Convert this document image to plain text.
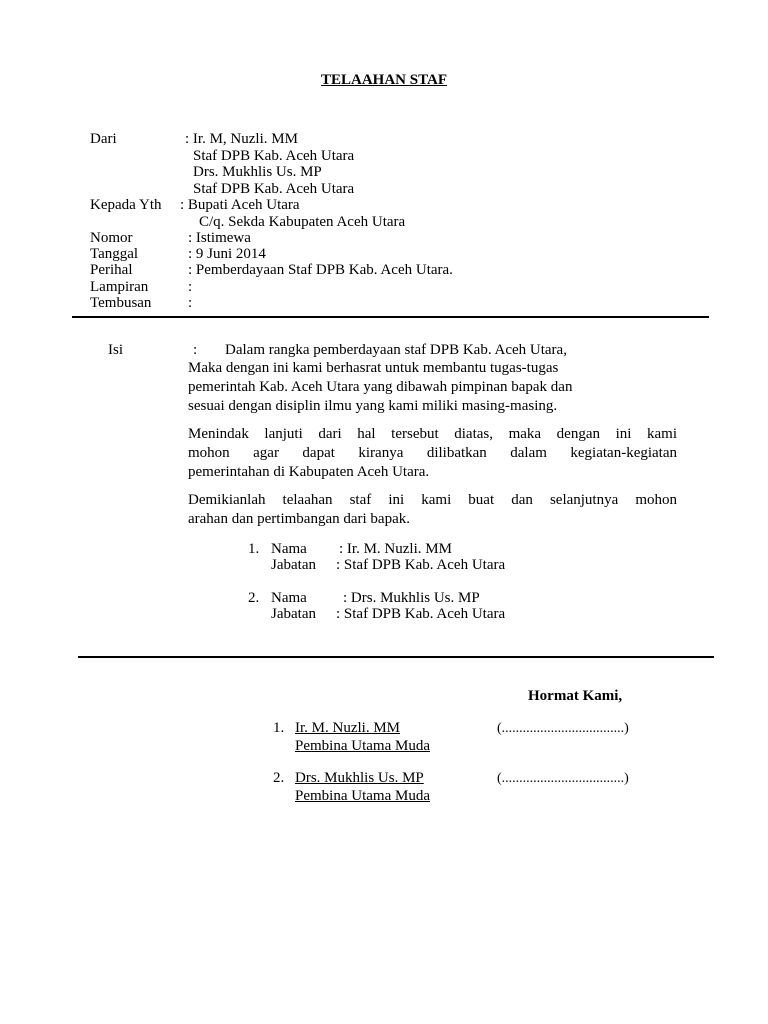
TELAAHAN STAF
Dari	: Ir. M, Nuzli. MM
Staf DPB Kab. Aceh Utara
Drs. Mukhlis Us. MP
Staf DPB Kab. Aceh Utara
Kepada Yth : Bupati Aceh Utara
C/q. Sekda Kabupaten Aceh Utara
Nomor	: Istimewa
Tanggal	: 9 Juni 2014
Perihal	: Pemberdayaan Staf DPB Kab. Aceh Utara.
Lampiran	:
Tembusan :
Isi	: Dalam rangka pemberdayaan staf DPB Kab. Aceh Utara,
Maka dengan ini kami berhasrat untuk membantu tugas-tugas
pemerintah Kab. Aceh Utara yang dibawah pimpinan bapak dan
sesuai dengan disiplin ilmu yang kami miliki masing-masing.
Menindak lanjuti dari hal tersebut diatas, maka dengan ini kami
mohon agar dapat kiranya dilibatkan dalam kegiatan-kegiatan
pemerintahan di Kabupaten Aceh Utara.
Demikianlah telaahan staf ini kami buat dan selanjutnya mohon
arahan dan pertimbangan dari bapak.
1. Nama : Ir. M. Nuzli. MM
Jabatan : Staf DPB Kab. Aceh Utara
2. Nama : Drs. Mukhlis Us. MP
Jabatan : Staf DPB Kab. Aceh Utara
Hormat Kami,
1. Ir. M. Nuzli. MM
Pembina Utama Muda
(...................................)
2. Drs. Mukhlis Us. MP
Pembina Utama Muda
(...................................)
